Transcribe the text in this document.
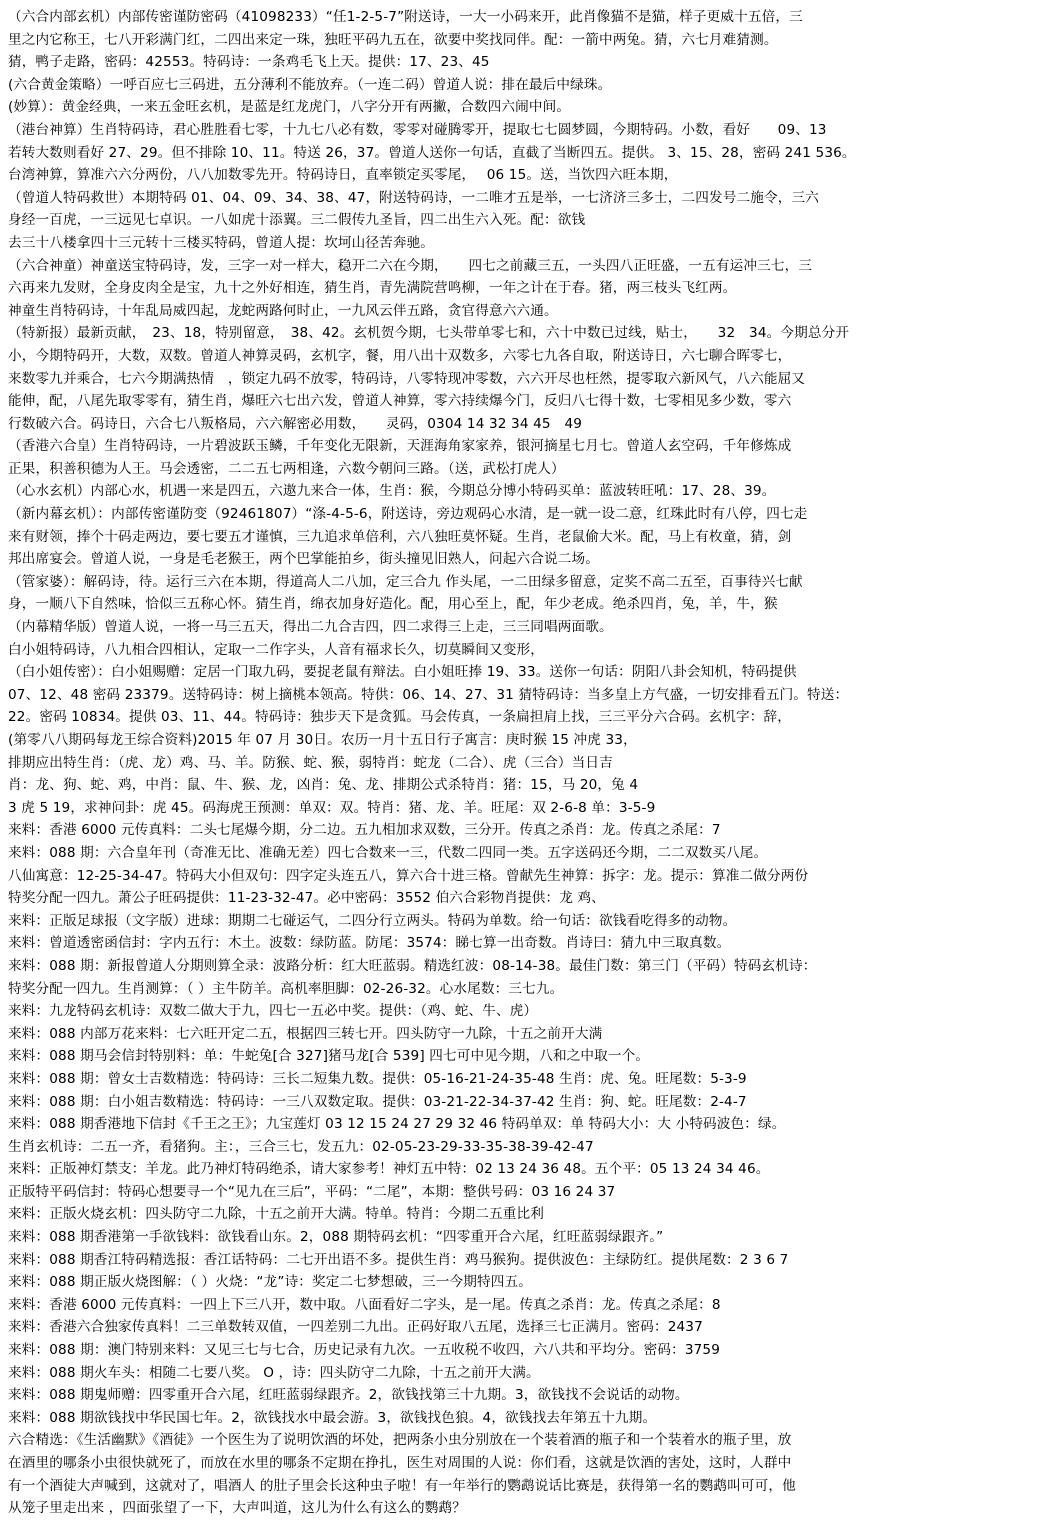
（六合内部玄机）内部传密谨防密码（41098233）“任1-2-5-7”附送诗，一大一小码来开，此肖像猫不是猫，样子更威十五倍，三
里之内它称王，七八开彩满门红，二四出来定一珠，独旺平码九五在，欲要中奖找同伴。配：一箭中两兔。猜，六七月难猜测。
猜，鸭子走路，密码：42553。特码诗：一条鸡毛飞上天。提供：17、23、45
(六合黄金策略）一呼百应七三码进，五分薄利不能放弃。（一连二码）曾道人说：排在最后中绿珠。
(妙算）：黄金经典，一来五金旺玄机，是蓝是红龙虎门，八字分开有两撇，合数四六闹中间。
（港台神算）生肖特码诗，君心胜胜看七零，十九七八必有数，零零对碰腾零开，提取七七圆梦圆，今期特码。小数，看好　　09、13
若转大数则看好 27、29。但不排除 10、11。特送 26，37。曾道人送你一句话，直截了当断四五。提供。 3、15、28，密码 241 536。
台湾神算，算准六六分两份，八八加数零先开。特码诗日，直率锁定买零尾，　 06 15。送，当饮四六旺本期，
（曾道人特码救世）本期特码 01、04、09、34、38、47，附送特码诗，一二唯才五是举，一七济济三多士，二四发号二施令，三六
身经一百虎，一三远见七卓识。一八如虎十添翼。三二假传九圣旨，四二出生六入死。配：欲钱
去三十八楼拿四十三元转十三楼买特码，曾道人提：坎坷山径苦奔驰。
（六合神童）神童送宝特码诗，发，三字一对一样大，稳开二六在今期，　　四七之前藏三五，一头四八正旺盛，一五有运冲三七，三
六再来九发财，全身皮肉全是宝，九十之外好相连，猜生肖，青先满院营鸣柳，一年之计在于春。猪，两三枝头飞红两。
神童生肖特码诗，十年乱局威四起，龙蛇两路何时止，一九风云伴五路，贪官得意六六通。
（特新报）最新贡献，　23、18，特别留意，　38、42。玄机贺今期，七头带单零七和，六十中数已过线，贴士，　　32　34。今期总分开
小，今期特码开，大数，双数。曾道人神算灵码，玄机字，餐，用八出十双数多，六零七九各自取，附送诗日，六七聊合晖零七，
来数零九并乘合，七六今期满热情　，锁定九码不放零，特码诗，八零特现冲零数，六六开尽也枉然，提零取六新风气，八六能屈又
能伸，配，八尾先取零零有，猜生肖，爆旺六七出六发，曾道人神算，零六持续爆今门，反归八七得十数，七零相见多少数，零六
行数破六合。码诗日，六合七八叛格局，六六解密必用数，　　灵码，0304 14 32 34 45　49
（香港六合皇）生肖特码诗，一片碧波跃玉鳞，千年变化无限新，天涯海角家家养，银河摘星七月七。曾道人玄空码，千年修炼成
正果，积善积德为人王。马会透密，二二五七两相逢，六数今朝问三路。（送，武松打虎人）
（心水玄机）内部心水，机遇一来是四五，六遨九来合一体，生肖：猴，今期总分博小特码买单：蓝波转旺吼：17、28、39。
（新内幕玄机）：内部传密谨防变（92461807）“涤-4-5-6，附送诗，旁边观码心水清，是一就一设二意，红珠此时有八停，四七走
来有财领，捧个十码走两边，要七要五才谨慎，三九追求单倍利，六八独旺莫怀疑。生肖，老鼠偷大米。配，马上有枚童，猜，剑
邦出席宴会。曾道人说，一身是毛老猴王，两个巴掌能拍乡，街头撞见旧熟人，问起六合说二场。
（管家婆）：解码诗，待。运行三六在本期，得道高人二八加，定三合九 作头尾，一二田绿多留意，定奖不高二五至，百事待兴七献
身，一顺八下自然味，恰似三五称心怀。猜生肖，绵衣加身好造化。配，用心至上，配，年少老成。绝杀四肖，兔，羊，牛，猴
（内幕精华版）曾道人说，一将一马三五天，得出二九合吉四，四二求得三上走，三三同唱两面歌。
白小姐特码诗，八九相合四相认，定取一二作字头，人音有福求长久，切莫瞬间又变形，
（白小姐传密）：白小姐赐赠：定居一门取九码，要捉老鼠有辩法。白小姐旺捧 19、33。送你一句话：阴阳八卦会知机，特码提供
07、12、48 密码 23379。送特码诗：树上摘桃本领高。特供：06、14、27、31 猜特码诗：当多皇上方气盛，一切安排看五门。特送：
22。密码 10834。提供 03、11、44。特码诗：独步天下是贪狐。马会传真，一条扁担肩上找，三三平分六合码。玄机字：辞，
(第零八八期码每龙王综合资料)2015 年 07 月 30日。农历一月十五日行子寓言：庚时猴 15 冲虎 33，
排期应出特生肖：（虎、龙）鸡、马、羊。防猴、蛇、猴，弱特肖：蛇龙（二合）、虎（三合）当日吉
肖：龙、狗、蛇、鸡，中肖：鼠、牛、猴、龙，凶肖：兔、龙、排期公式杀特肖：猪：15，马 20，兔 4
3 虎 5 19，求神问卦：虎 45。码海虎王预测：单双：双。特肖：猪、龙、羊。旺尾：双 2-6-8 单：3-5-9
来料：香港 6000 元传真料：二头七尾爆今期，分二边。五九相加求双数，三分开。传真之杀肖：龙。传真之杀尾：7
来料：088 期：六合皇年刊（奇准无比、准确无差）四七合数来一三，代数二四同一类。五字送码还今期，二二双数买八尾。
八仙寓意：12-25-34-47。特码大小但双句：四字定头连五八，算六合十进三格。曾献先生神算：拆字：龙。提示：算准二做分两份
特奖分配一四九。萧公子旺码提供：11-23-32-47。必中密码：3552 伯六合彩物肖提供：龙 鸡、
来料：正版足球报（文字版）进球：期期二七碰运气，二四分行立两头。特码为单数。给一句话：欲钱看吃得多的动物。
来料：曾道透密函信封：字内五行：木土。波数：绿防蓝。防尾：3574：睇七算一出奇数。肖诗曰：猜九中三取真数。
来料：088 期：新报曾道人分期则算全录：波路分析：红大旺蓝弱。精选红波：08-14-38。最佳门数：第三门（平码）特码玄机诗：
特奖分配一四九。生肖测算：（ ）主牛防羊。高机率胆脚：02-26-32。心水尾数：三七九。
来料：九龙特码玄机诗：双数二做大于九，四七一五必中奖。提供：（鸡、蛇、牛、虎）
来料：088 内部万花来料：七六旺开定二五，根据四三转七开。四头防守一九除，十五之前开大满
来料：088 期马会信封特别料：单：牛蛇兔[合 327]猪马龙[合 539] 四七可中见今期，八和之中取一个。
来料：088 期：曾女士吉数精选：特码诗：三长二短集九数。提供：05-16-21-24-35-48 生肖：虎、兔。旺尾数：5-3-9
来料：088 期：白小姐吉数精选：特码诗：一三八双数定取。提供：03-21-22-34-37-42 生肖：狗、蛇。旺尾数：2-4-7
来料：088 期香港地下信封《千王之王》；九宝莲灯 03 12 15 24 27 29 32 46 特码单双：单 特码大小：大 小特码波色：绿。
生肖玄机诗：二五一齐，看猪狗。主：，三合三七，发五九：02-05-23-29-33-35-38-39-42-47
来料：正版神灯禁支：羊龙。此乃神灯特码绝杀，请大家参考！神灯五中特：02 13 24 36 48。五个平：05 13 24 34 46。
正版特平码信封：特码心想要寻一个“见九在三后”，平码：“二尾”，本期：整供号码：03 16 24 37
来料：正版火烧玄机：四头防守二九除，十五之前开大满。特单。特肖：今期二五重比利
来料：088 期香港第一手欲钱料：欲钱看山东。2，088 期特码玄机：“四零重开合六尾，红旺蓝弱绿跟齐。”
来料：088 期香江特码精选报：香江话特码：二七开出语不多。提供生肖：鸡马猴狗。提供波色：主绿防红。提供尾数：2 3 6 7
来料：088 期正版火烧图解：（ ）火烧：“龙”诗：奖定二七梦想破，三一今期特四五。
来料：香港 6000 元传真料：一四上下三八开，数中取。八面看好二字头，是一尾。传真之杀肖：龙。传真之杀尾：8
来料：香港六合独家传真料！二三单数转双值，一四差别二九出。正码好取八五尾，选择三七正满月。密码：2437
来料：088 期：澳门特别来料：又见三七与七合，历史记录有九次。一五收税不收四，六八共和平均分。密码：3759
来料：088 期火车头：相随二七要八奖。 O ，诗：四头防守二九除，十五之前开大满。
来料：088 期鬼师赠：四零重开合六尾，红旺蓝弱绿跟齐。2，欲钱找第三十九期。3，欲钱找不会说话的动物。
来料：088 期欲钱找中华民国七年。2，欲钱找水中最会游。3，欲钱找色狼。4，欲钱找去年第五十九期。
六合精选：《生活幽默》《酒徒》一个医生为了说明饮酒的坏处，把两条小虫分别放在一个装着酒的瓶子和一个装着水的瓶子里，放
在酒里的哪条小虫很快就死了，而放在水里的哪条不定期在挣扎，医生对周围的人说：你们看，这就是饮酒的害处，这时，人群中
有一个酒徒大声喊到，这就对了，唱酒人 的肚子里会长这种虫子啦！有一年举行的鹦鹉说话比赛是，获得第一名的鹦鹉叫可可，他
从笼子里走出来 ，四面张望了一下，大声叫道，这儿为什么有这么的鹦鹉？
